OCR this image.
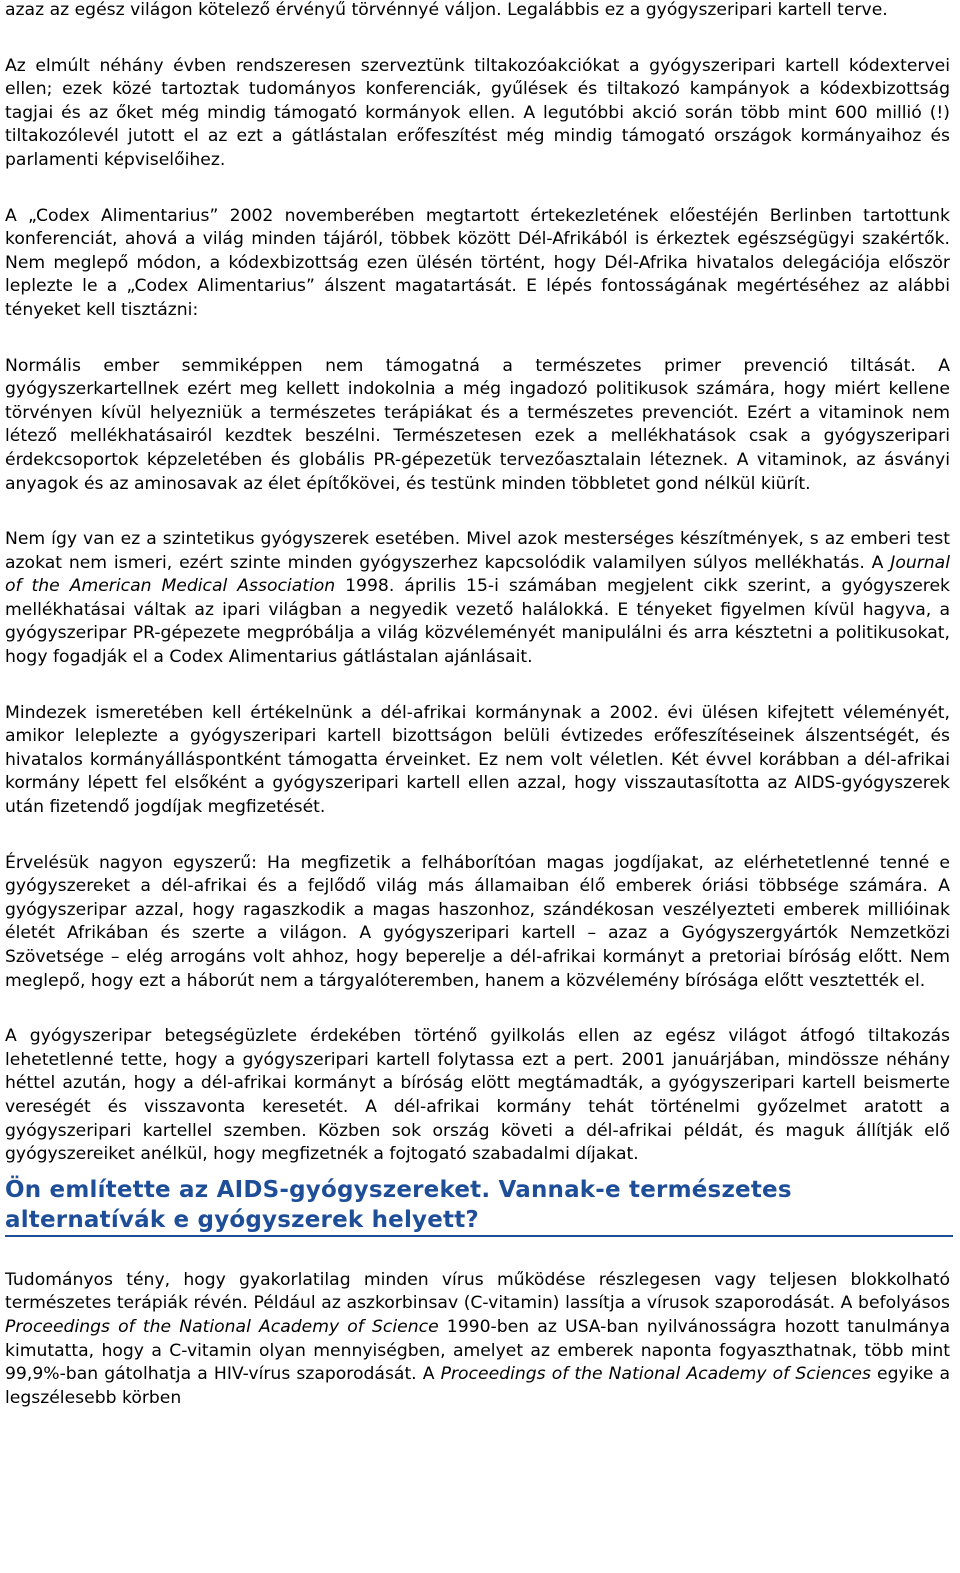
azaz az egész világon kötelező érvényű törvénnyé váljon. Legalábbis ez a gyógyszeripari kartell terve.

Az elmúlt néhány évben rendszeresen szerveztünk tiltakozóakciókat a gyógyszeripari kartell kódextervei ellen; ezek közé tartoztak tudományos konferenciák, gyűlések és tiltakozó kampányok a kódexbizottság tagjai és az őket még mindig támogató kormányok ellen. A legutóbbi akció során több mint 600 millió (!) tiltakozólevél jutott el az ezt a gátlástalan erőfeszítést még mindig támogató országok kormányaihoz és parlamenti képviselőihez.

A „Codex Alimentarius” 2002 novemberében megtartott értekezletének előestéjén Berlinben tartottunk konferenciát, ahová a világ minden tájáról, többek között Dél-Afrikából is érkeztek egészségügyi szakértők. Nem meglepő módon, a kódexbizottság ezen ülésén történt, hogy Dél-Afrika hivatalos delegációja először leplezte le a „Codex Alimentarius” álszent magatartását. E lépés fontosságának megértéséhez az alábbi tényeket kell tisztázni:

Normális ember semmiképpen nem támogatná a természetes primer prevenció tiltását. A gyógyszerkartellnek ezért meg kellett indokolnia a még ingadozó politikusok számára, hogy miért kellene törvényen kívül helyezniük a természetes terápiákat és a természetes prevenciót. Ezért a vitaminok nem létező mellékhatásairól kezdtek beszélni. Természetesen ezek a mellékhatások csak a gyógyszeripari érdekcsoportok képzeletében és globális PR-gépezetük tervezőasztalain léteznek. A vitaminok, az ásványi anyagok és az aminosavak az élet építőkövei, és testünk minden többletet gond nélkül kiürít.

Nem így van ez a szintetikus gyógyszerek esetében. Mivel azok mesterséges készítmények, s az emberi test azokat nem ismeri, ezért szinte minden gyógyszerhez kapcsolódik valamilyen súlyos mellékhatás. A Journal of the American Medical Association 1998. április 15-i számában megjelent cikk szerint, a gyógyszerek mellékhatásai váltak az ipari világban a negyedik vezető halálokká. E tényeket figyelmen kívül hagyva, a gyógyszeripar PR-gépezete megpróbálja a világ közvéleményét manipulálni és arra késztetni a politikusokat, hogy fogadják el a Codex Alimentarius gátlástalan ajánlásait.

Mindezek ismeretében kell értékelnünk a dél-afrikai kormánynak a 2002. évi ülésen kifejtett véleményét, amikor leleplezte a gyógyszeripari kartell bizottságon belüli évtizedes erőfeszítéseinek álszentségét, és hivatalos kormányálláspontként támogatta érveinket. Ez nem volt véletlen. Két évvel korábban a dél-afrikai kormány lépett fel elsőként a gyógyszeripari kartell ellen azzal, hogy visszautasította az AIDS-gyógyszerek után fizetendő jogdíjak megfizetését.

Érvelésük nagyon egyszerű: Ha megfizetik a felháborítóan magas jogdíjakat, az elérhetetlenné tenné e gyógyszereket a dél-afrikai és a fejlődő világ más államaiban élő emberek óriási többsége számára. A gyógyszeripar azzal, hogy ragaszkodik a magas haszonhoz, szándékosan veszélyezteti emberek millióinak életét Afrikában és szerte a világon. A gyógyszeripari kartell – azaz a Gyógyszergyártók Nemzetközi Szövetsége – elég arrogáns volt ahhoz, hogy beperelje a dél-afrikai kormányt a pretoriai bíróság előtt. Nem meglepő, hogy ezt a háborút nem a tárgyalóteremben, hanem a közvélemény bírósága előtt vesztették el.

A gyógyszeripar betegségüzlete érdekében történő gyilkolás ellen az egész világot átfogó tiltakozás lehetetlenné tette, hogy a gyógyszeripari kartell folytassa ezt a pert. 2001 januárjában, mindössze néhány héttel azután, hogy a dél-afrikai kormányt a bíróság elött megtámadták, a gyógyszeripari kartell beismerte vereségét és visszavonta keresetét. A dél-afrikai kormány tehát történelmi győzelmet aratott a gyógyszeripari kartellel szemben. Közben sok ország követi a dél-afrikai példát, és maguk állítják elő gyógyszereiket anélkül, hogy megfizetnék a fojtogató szabadalmi díjakat.

Ön említette az AIDS-gyógyszereket. Vannak-e természetes alternatívák e gyógyszerek helyett?

Tudományos tény, hogy gyakorlatilag minden vírus működése részlegesen vagy teljesen blokkolható természetes terápiák révén. Például az aszkorbinsav (C-vitamin) lassítja a vírusok szaporodását. A befolyásos Proceedings of the National Academy of Science 1990-ben az USA-ban nyilvánosságra hozott tanulmánya kimutatta, hogy a C-vitamin olyan mennyiségben, amelyet az emberek naponta fogyaszthatnak, több mint 99,9%-ban gátolhatja a HIV-vírus szaporodását. A Proceedings of the National Academy of Sciences egyike a legszélesebb körben
